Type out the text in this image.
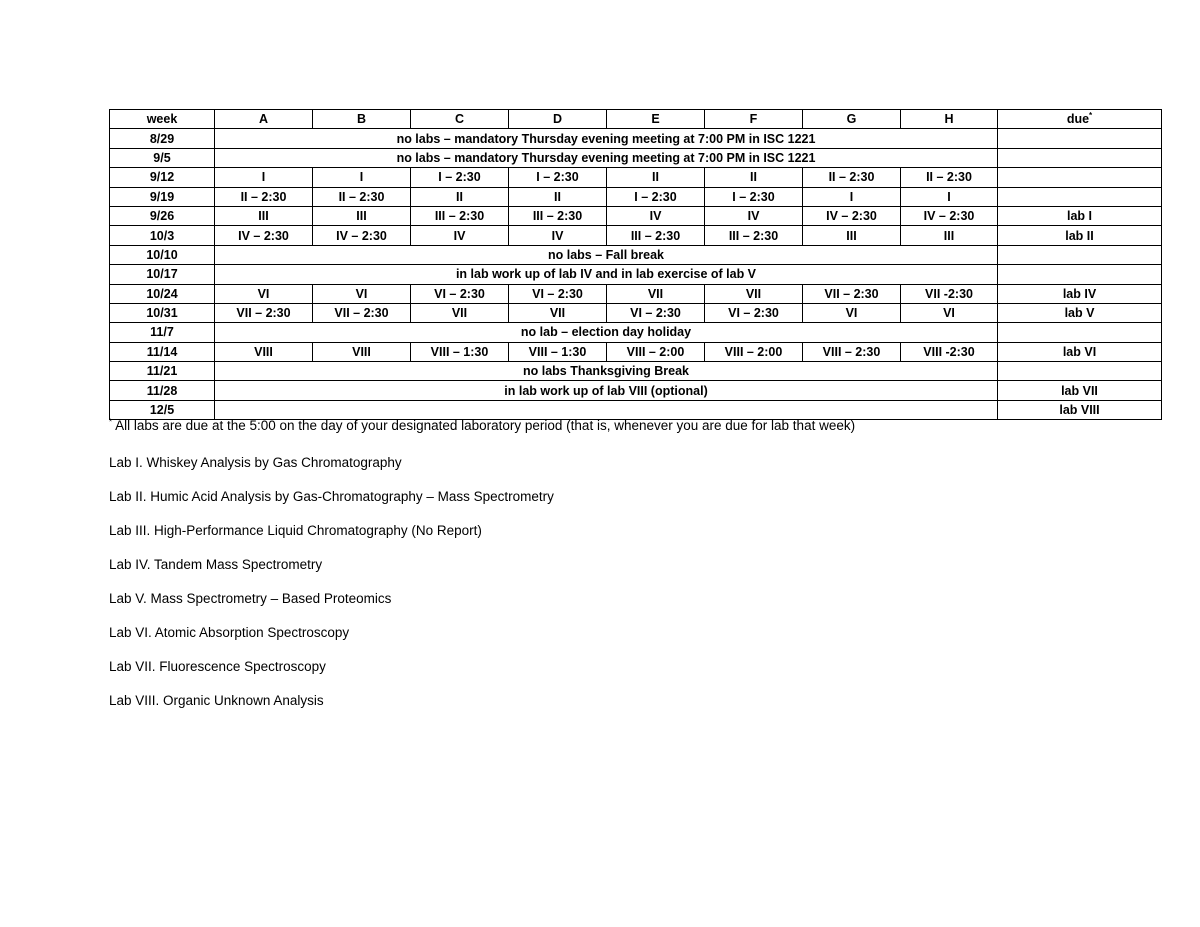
week	A	B	C	D	E	F	G	H	due*
8/29	no labs – mandatory Thursday evening meeting at 7:00 PM in ISC 1221								
9/5	no labs – mandatory Thursday evening meeting at 7:00 PM in ISC 1221								
9/12	I	I	I – 2:30	I – 2:30	II	II	II – 2:30	II – 2:30	
9/19	II – 2:30	II – 2:30	II	II	I – 2:30	I – 2:30	I	I	
9/26	III	III	III – 2:30	III – 2:30	IV	IV	IV – 2:30	IV – 2:30	lab I
10/3	IV – 2:30	IV – 2:30	IV	IV	III – 2:30	III – 2:30	III	III	lab II
10/10	no labs – Fall break								
10/17	in lab work up of lab IV and in lab exercise of lab V								
10/24	VI	VI	VI – 2:30	VI – 2:30	VII	VII	VII – 2:30	VII -2:30	lab IV
10/31	VII – 2:30	VII – 2:30	VII	VII	VI – 2:30	VI – 2:30	VI	VI	lab V
11/7	no lab – election day holiday								
11/14	VIII	VIII	VIII – 1:30	VIII – 1:30	VIII – 2:00	VIII – 2:00	VIII – 2:30	VIII -2:30	lab VI
11/21	no labs Thanksgiving Break								
11/28	in lab work up of lab VIII (optional)								lab VII
12/5									lab VIII
* All labs are due at the 5:00 on the day of your designated laboratory period (that is, whenever you are due for lab that week)
Lab I. Whiskey Analysis by Gas Chromatography
Lab II. Humic Acid Analysis by Gas-Chromatography – Mass Spectrometry
Lab III. High-Performance Liquid Chromatography (No Report)
Lab IV. Tandem Mass Spectrometry
Lab V. Mass Spectrometry – Based Proteomics
Lab VI. Atomic Absorption Spectroscopy
Lab VII. Fluorescence Spectroscopy
Lab VIII. Organic Unknown Analysis
